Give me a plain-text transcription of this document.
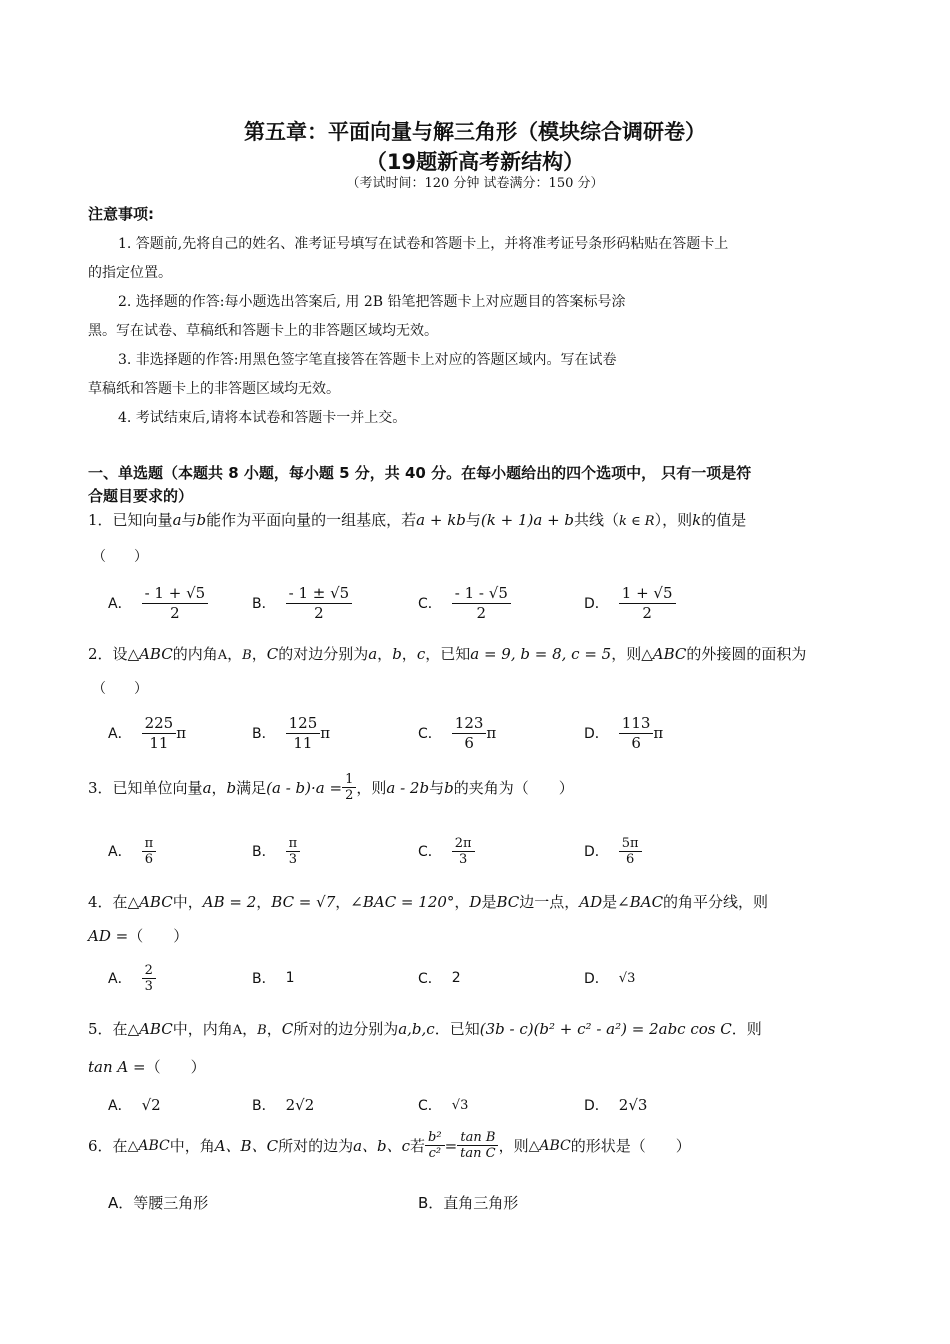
第五章：平面向量与解三角形（模块综合调研卷）
（19题新高考新结构）
（考试时间：120 分钟 试卷满分：150 分）
注意事项:
1. 答题前,先将自己的姓名、准考证号填写在试卷和答题卡上，并将准考证号条形码粘贴在答题卡上
的指定位置。
2. 选择题的作答:每小题选出答案后, 用 2B 铅笔把答题卡上对应题目的答案标号涂
黑。写在试卷、草稿纸和答题卡上的非答题区域均无效。
3. 非选择题的作答:用黑色签字笔直接答在答题卡上对应的答题区域内。写在试卷
草稿纸和答题卡上的非答题区域均无效。
4. 考试结束后,请将本试卷和答题卡一并上交。
一、单选题（本题共 8 小题，每小题 5 分，共 40 分。在每小题给出的四个选项中， 只有一项是符
合题目要求的）
1．已知向量a与b能作为平面向量的一组基底，若a + kb与(k + 1)a + b共线（k ∈ R），则k的值是
（　　）
A． $\frac{- 1 + √5}{2}$	B． $\frac{- 1 \pm √5}{2}$	C． $\frac{- 1 - √5}{2}$	D． $\frac{1 + √5}{2}$
2．设△ABC的内角A，B，C的对边分别为a，b，c，已知a = 9, b = 8, c = 5，则△ABC的外接圆的面积为
（　　）
A． $\frac{225}{11}$ π	B． $\frac{125}{11}$ π	C． $\frac{123}{6}$ π	D． $\frac{113}{6}$ π
3． 已知单位向量 a ， b 满足 $(a - b)\cdot a = \frac{1}{2}$ ，则 a - 2b 与 b 的夹角为（　　）
A． $\frac{\pi}{6}$	B． $\frac{\pi}{3}$	C． $\frac{2\pi}{3}$	D． $\frac{5\pi}{6}$
4．在△ABC中，AB = 2，BC = √7，∠BAC = 120°，D是BC边一点，AD是∠BAC的角平分线，则
AD =（　　）
A． $\frac{2}{3}$	B． 1	C． 2	D． √3
5．在△ABC中，内角A，B，C所对的边分别为a,b,c．已知(3b - c)(b² + c² - a²) = 2abc cos C．则
tan A =（　　）
A． √2	B． 2√2	C． √3	D． 2√3
6． 在 △ABC 中，角 A、B、C 所对的边为 a、b、c 若 $\frac{\text{b²}}{\text{c²}} = \frac{\text{tan B}}{\text{tan C}}$ ，则 △ABC 的形状是（　　）
A．等腰三角形	B．直角三角形
